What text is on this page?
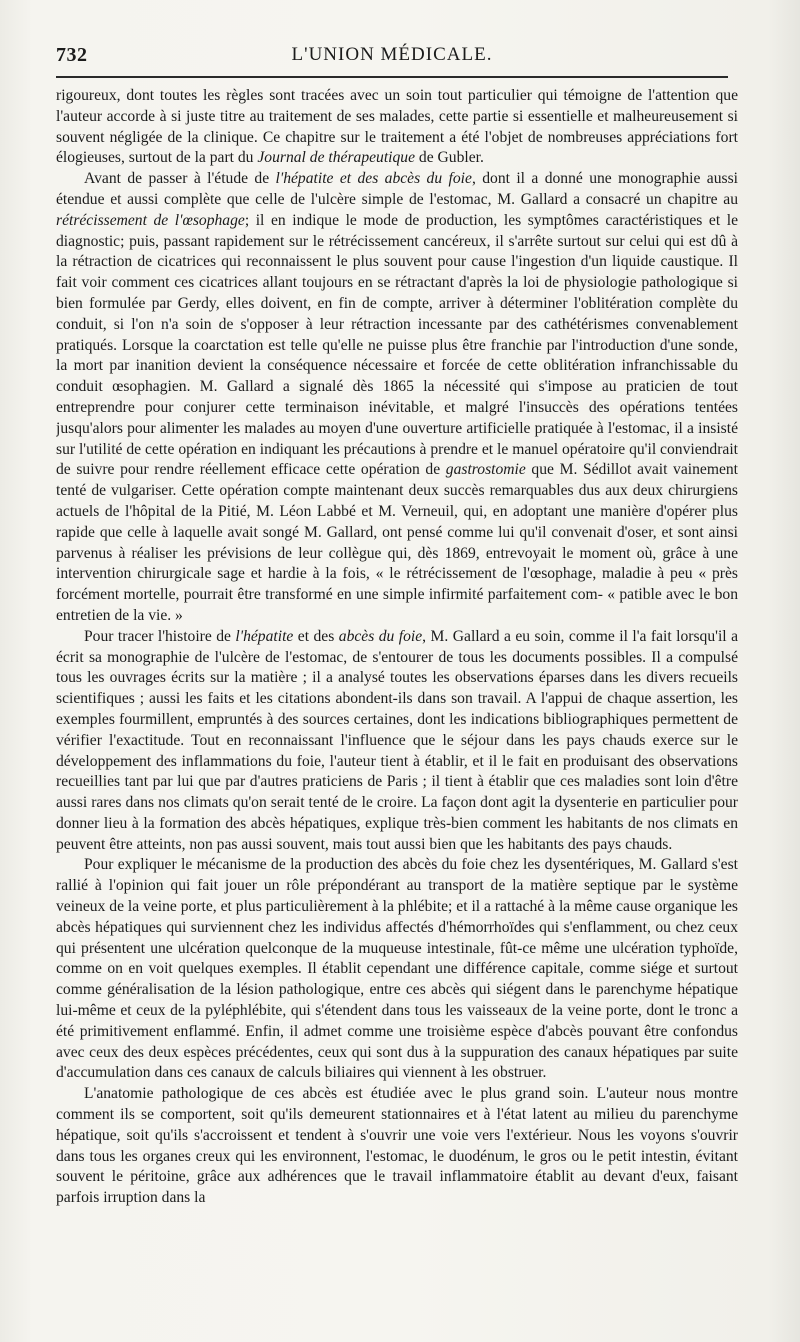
732	L'UNION MÉDICALE.

rigoureux, dont toutes les règles sont tracées avec un soin tout particulier qui témoigne de l'attention que l'auteur accorde à si juste titre au traitement de ses malades, cette partie si essentielle et malheureusement si souvent négligée de la clinique. Ce chapitre sur le traitement a été l'objet de nombreuses appréciations fort élogieuses, surtout de la part du Journal de thérapeutique de Gubler.

Avant de passer à l'étude de l'hépatite et des abcès du foie, dont il a donné une monographie aussi étendue et aussi complète que celle de l'ulcère simple de l'estomac, M. Gallard a consacré un chapitre au rétrécissement de l'œsophage; il en indique le mode de production, les symptômes caractéristiques et le diagnostic; puis, passant rapidement sur le rétrécissement cancéreux, il s'arrête surtout sur celui qui est dû à la rétraction de cicatrices qui reconnaissent le plus souvent pour cause l'ingestion d'un liquide caustique. Il fait voir comment ces cicatrices allant toujours en se rétractant d'après la loi de physiologie pathologique si bien formulée par Gerdy, elles doivent, en fin de compte, arriver à déterminer l'oblitération complète du conduit, si l'on n'a soin de s'opposer à leur rétraction incessante par des cathétérismes convenablement pratiqués. Lorsque la coarctation est telle qu'elle ne puisse plus être franchie par l'introduction d'une sonde, la mort par inanition devient la conséquence nécessaire et forcée de cette oblitération infranchissable du conduit œsophagien. M. Gallard a signalé dès 1865 la nécessité qui s'impose au praticien de tout entreprendre pour conjurer cette terminaison inévitable, et malgré l'insuccès des opérations tentées jusqu'alors pour alimenter les malades au moyen d'une ouverture artificielle pratiquée à l'estomac, il a insisté sur l'utilité de cette opération en indiquant les précautions à prendre et le manuel opératoire qu'il conviendrait de suivre pour rendre réellement efficace cette opération de gastrostomie que M. Sédillot avait vainement tenté de vulgariser. Cette opération compte maintenant deux succès remarquables dus aux deux chirurgiens actuels de l'hôpital de la Pitié, M. Léon Labbé et M. Verneuil, qui, en adoptant une manière d'opérer plus rapide que celle à laquelle avait songé M. Gallard, ont pensé comme lui qu'il convenait d'oser, et sont ainsi parvenus à réaliser les prévisions de leur collègue qui, dès 1869, entrevoyait le moment où, grâce à une intervention chirurgicale sage et hardie à la fois, « le rétrécissement de l'œsophage, maladie à peu « près forcément mortelle, pourrait être transformé en une simple infirmité parfaitement com- « patible avec le bon entretien de la vie. »

Pour tracer l'histoire de l'hépatite et des abcès du foie, M. Gallard a eu soin, comme il l'a fait lorsqu'il a écrit sa monographie de l'ulcère de l'estomac, de s'entourer de tous les documents possibles. Il a compulsé tous les ouvrages écrits sur la matière ; il a analysé toutes les observations éparses dans les divers recueils scientifiques ; aussi les faits et les citations abondent-ils dans son travail. A l'appui de chaque assertion, les exemples fourmillent, empruntés à des sources certaines, dont les indications bibliographiques permettent de vérifier l'exactitude. Tout en reconnaissant l'influence que le séjour dans les pays chauds exerce sur le développement des inflammations du foie, l'auteur tient à établir, et il le fait en produisant des observations recueillies tant par lui que par d'autres praticiens de Paris ; il tient à établir que ces maladies sont loin d'être aussi rares dans nos climats qu'on serait tenté de le croire. La façon dont agit la dysenterie en particulier pour donner lieu à la formation des abcès hépatiques, explique très-bien comment les habitants de nos climats en peuvent être atteints, non pas aussi souvent, mais tout aussi bien que les habitants des pays chauds.

Pour expliquer le mécanisme de la production des abcès du foie chez les dysentériques, M. Gallard s'est rallié à l'opinion qui fait jouer un rôle prépondérant au transport de la matière septique par le système veineux de la veine porte, et plus particulièrement à la phlébite; et il a rattaché à la même cause organique les abcès hépatiques qui surviennent chez les individus affectés d'hémorrhoïdes qui s'enflamment, ou chez ceux qui présentent une ulcération quelconque de la muqueuse intestinale, fût-ce même une ulcération typhoïde, comme on en voit quelques exemples. Il établit cependant une différence capitale, comme siége et surtout comme généralisation de la lésion pathologique, entre ces abcès qui siégent dans le parenchyme hépatique lui-même et ceux de la pyléphlébite, qui s'étendent dans tous les vaisseaux de la veine porte, dont le tronc a été primitivement enflammé. Enfin, il admet comme une troisième espèce d'abcès pouvant être confondus avec ceux des deux espèces précédentes, ceux qui sont dus à la suppuration des canaux hépatiques par suite d'accumulation dans ces canaux de calculs biliaires qui viennent à les obstruer.

L'anatomie pathologique de ces abcès est étudiée avec le plus grand soin. L'auteur nous montre comment ils se comportent, soit qu'ils demeurent stationnaires et à l'état latent au milieu du parenchyme hépatique, soit qu'ils s'accroissent et tendent à s'ouvrir une voie vers l'extérieur. Nous les voyons s'ouvrir dans tous les organes creux qui les environnent, l'estomac, le duodénum, le gros ou le petit intestin, évitant souvent le péritoine, grâce aux adhérences que le travail inflammatoire établit au devant d'eux, faisant parfois irruption dans la
